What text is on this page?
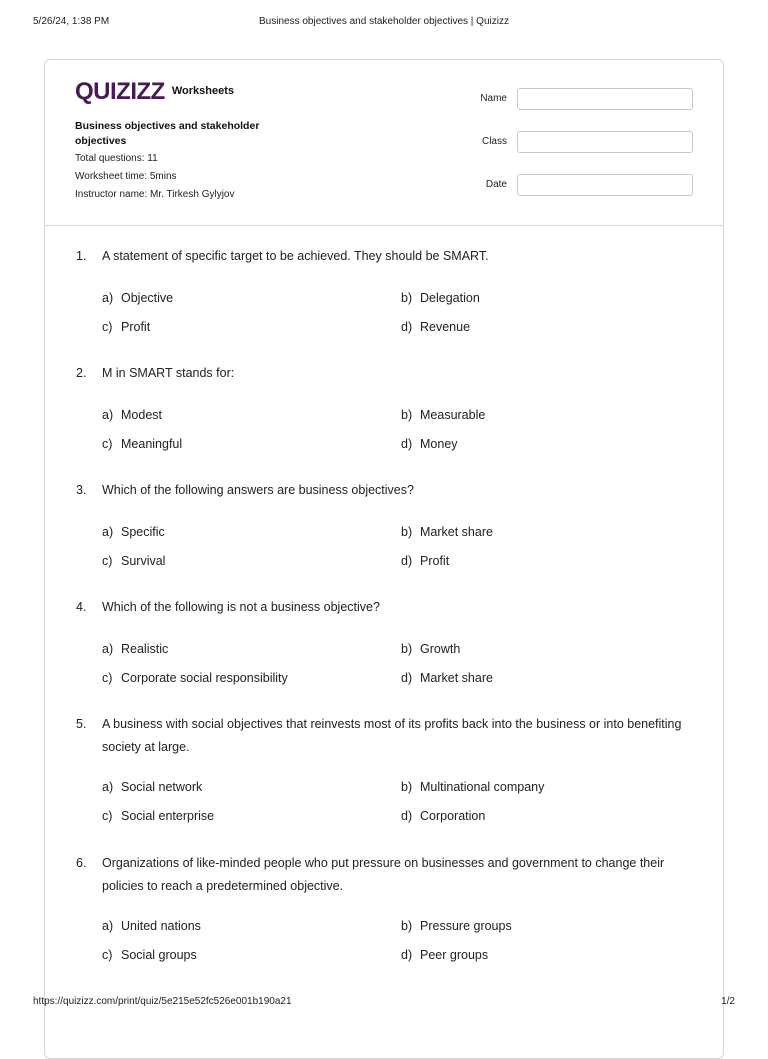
Business objectives and stakeholder objectives | Quizizz
5/26/24, 1:38 PM
QUIZIZZ Worksheets
Business objectives and stakeholder objectives
Total questions: 11
Worksheet time: 5mins
Instructor name: Mr. Tirkesh Gylyjov
Name
Class
Date
1. A statement of specific target to be achieved. They should be SMART.
a) Objective	b) Delegation
c) Profit	d) Revenue
2. M in SMART stands for:
a) Modest	b) Measurable
c) Meaningful	d) Money
3. Which of the following answers are business objectives?
a) Specific	b) Market share
c) Survival	d) Profit
4. Which of the following is not a business objective?
a) Realistic	b) Growth
c) Corporate social responsibility	d) Market share
5. A business with social objectives that reinvests most of its profits back into the business or into benefiting society at large.
a) Social network	b) Multinational company
c) Social enterprise	d) Corporation
6. Organizations of like-minded people who put pressure on businesses and government to change their policies to reach a predetermined objective.
a) United nations	b) Pressure groups
c) Social groups	d) Peer groups
https://quizizz.com/print/quiz/5e215e52fc526e001b190a21	1/2
